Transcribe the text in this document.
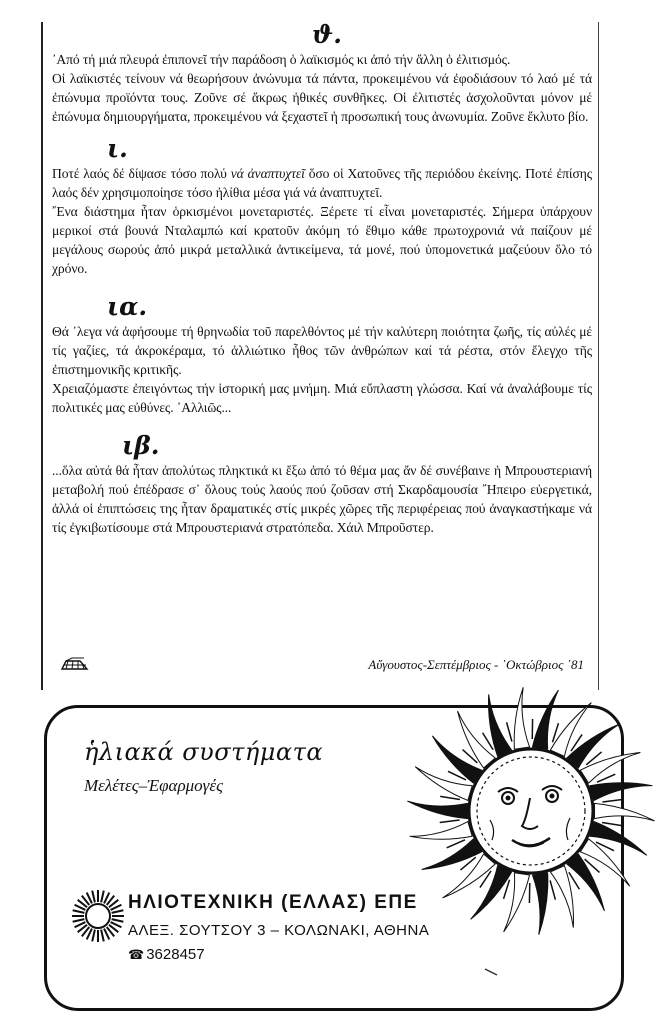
ϑ.

᾿Από τή μιά πλευρά ἐπιπονεῖ τήν παράδοση ὁ λαϊκισμός κι ἀπό τήν ἄλλη ὁ ἐλιτισμός.

Οἱ λαϊκιστές τείνουν νά θεωρήσουν ἀνώνυμα τά πάντα, προκειμένου νά ἐφοδιάσουν τό λαό μέ τά ἐπώνυμα προϊόντα τους. Ζοῦνε σέ ἄκρως ἠθικές συνθῆκες. Οἱ ἐλιτιστές ἀσχολοῦνται μόνον μέ ἐπώνυμα δημιουργήματα, προκειμένου νά ξεχαστεῖ ἡ προσωπική τους ἀνωνυμία. Ζοῦνε ἔκλυτο βίο.

ι.

Ποτέ λαός δέ δίψασε τόσο πολύ νά ἀναπτυχτεῖ ὅσο οἱ Χατοῦνες τῆς περιόδου ἐκείνης. Ποτέ ἐπίσης λαός δέν χρησιμοποίησε τόσο ἠλίθια μέσα γιά νά ἀναπτυχτεῖ.

῎Ενα διάστημα ἦταν ὁρκισμένοι μονεταριστές. Ξέρετε τί εἶναι μονεταριστές. Σήμερα ὑπάρχουν μερικοί στά βουνά Νταλαμπώ καί κρατοῦν ἀκόμη τό ἔθιμο κάθε πρωτοχρονιά νά παίζουν μέ μεγάλους σωρούς ἀπό μικρά μεταλλικά ἀντικείμενα, τά μονέ, πού ὑπομονετικά μαζεύουν ὅλο τό χρόνο.

ια.

Θά ᾿λεγα νά ἀφήσουμε τή θρηνωδία τοῦ παρελθόντος μέ τήν καλύτερη ποιότητα ζωῆς, τίς αὐλές μέ τίς γαζίες, τά ἀκροκέραμα, τό ἀλλιώτικο ἦθος τῶν ἀνθρώπων καί τά ρέστα, στόν ἔλεγχο τῆς ἐπιστημονικῆς κριτικῆς.

Χρειαζόμαστε ἐπειγόντως τήν ἱστορική μας μνήμη. Μιά εὔπλαστη γλώσσα. Καί νά ἀναλάβουμε τίς πολιτικές μας εὐθύνες. ᾿Αλλιῶς...

ιβ.

...ὅλα αὐτά θά ἦταν ἀπολύτως πληκτικά κι ἔξω ἀπό τό θέμα μας ἄν δέ συνέβαινε ἡ Μπρουστεριανή μεταβολή πού ἐπέδρασε σ᾿ ὅλους τούς λαούς πού ζοῦσαν στή Σκαρδαμουσία ῎Ηπειρο εὐεργετικά, ἀλλά οἱ ἐπιπτώσεις της ἦταν δραματικές στίς μικρές χῶρες τῆς περιφέρειας πού ἀναγκαστήκαμε νά τίς ἐγκιβωτίσουμε στά Μπρουστεριανά στρατόπεδα. Χάιλ Μπροῦστερ.

Αὔγουστος-Σεπτέμβριος - ᾿Οκτώβριος ᾿81
ἡλιακά συστήματα
Μελέτες–Ἐφαρμογές
ΗΛΙΟΤΕΧΝΙΚΗ (ΕΛΛΑΣ) ΕΠΕ
ΑΛΕΞ. ΣΟΥΤΣΟΥ 3 – ΚΟΛΩΝΑΚΙ, ΑΘΗΝΑ
☎ 3628457
